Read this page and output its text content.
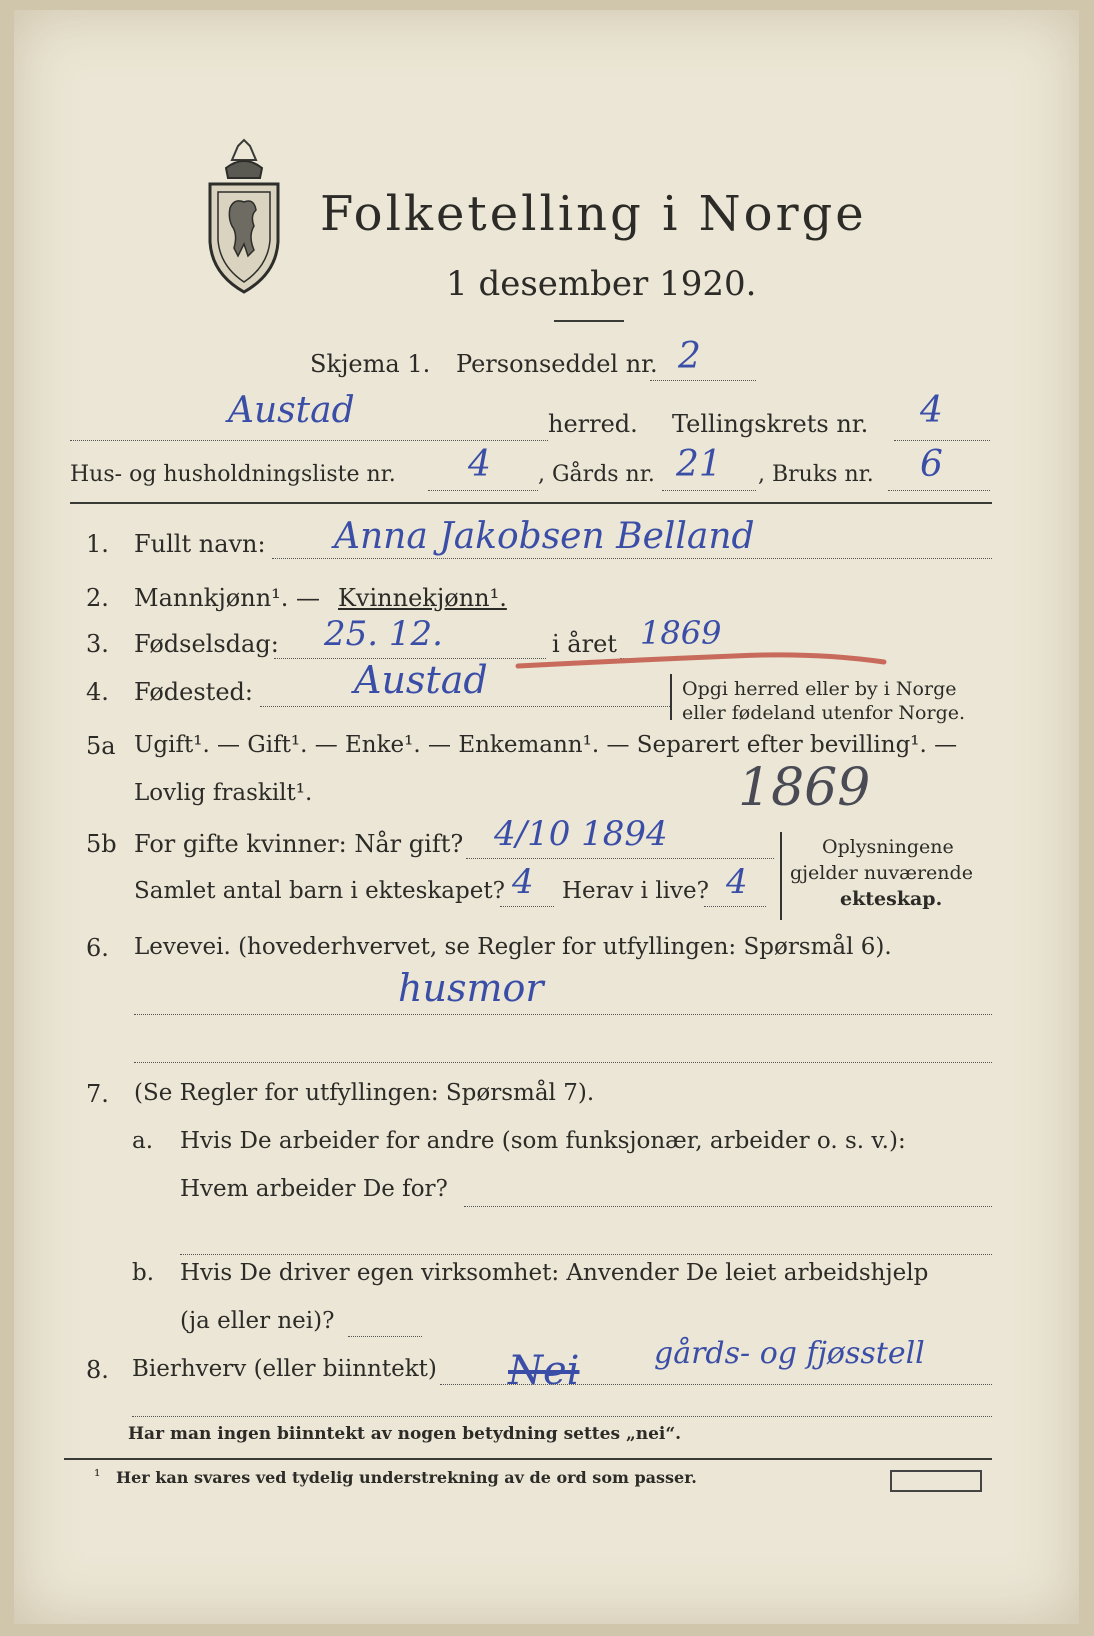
Folketelling i Norge
1 desember 1920.
Skjema 1. Personseddel nr. 2
Austad	herred. Tellingskrets nr. 4
Hus- og husholdningsliste nr. 4 , Gårds nr. 21 , Bruks nr. 6
1. Fullt navn: Anna Jakobsen Belland
2. Mannkjønn¹. — Kvinnekjønn¹.
3. Fødselsdag: 25. 12.	i året 1869
4. Fødested:	Austad	Opgi herred eller by i Norge
eller fødeland utenfor Norge.
5a Ugift¹. — Gift¹. — Enke¹. — Enkemann¹. — Separert efter bevilling¹. —
Lovlig fraskilt¹.	1869
5b For gifte kvinner: Når gift? 4/10 1894
Samlet antal barn i ekteskapet? 4 Herav i live? 4
Oplysningene
gjelder nuværende
ekteskap.
6. Levevei. (hovederhvervet, se Regler for utfyllingen: Spørsmål 6).
husmor
7. (Se Regler for utfyllingen: Spørsmål 7).
a. Hvis De arbeider for andre (som funksjonær, arbeider o. s. v.):
Hvem arbeider De for?
b. Hvis De driver egen virksomhet: Anvender De leiet arbeidshjelp
(ja eller nei)?
8. Bierhverv (eller biinntekt) Nei gårds- og fjøsstell
Har man ingen biinntekt av nogen betydning settes „nei“.
¹ Her kan svares ved tydelig understrekning av de ord som passer.
